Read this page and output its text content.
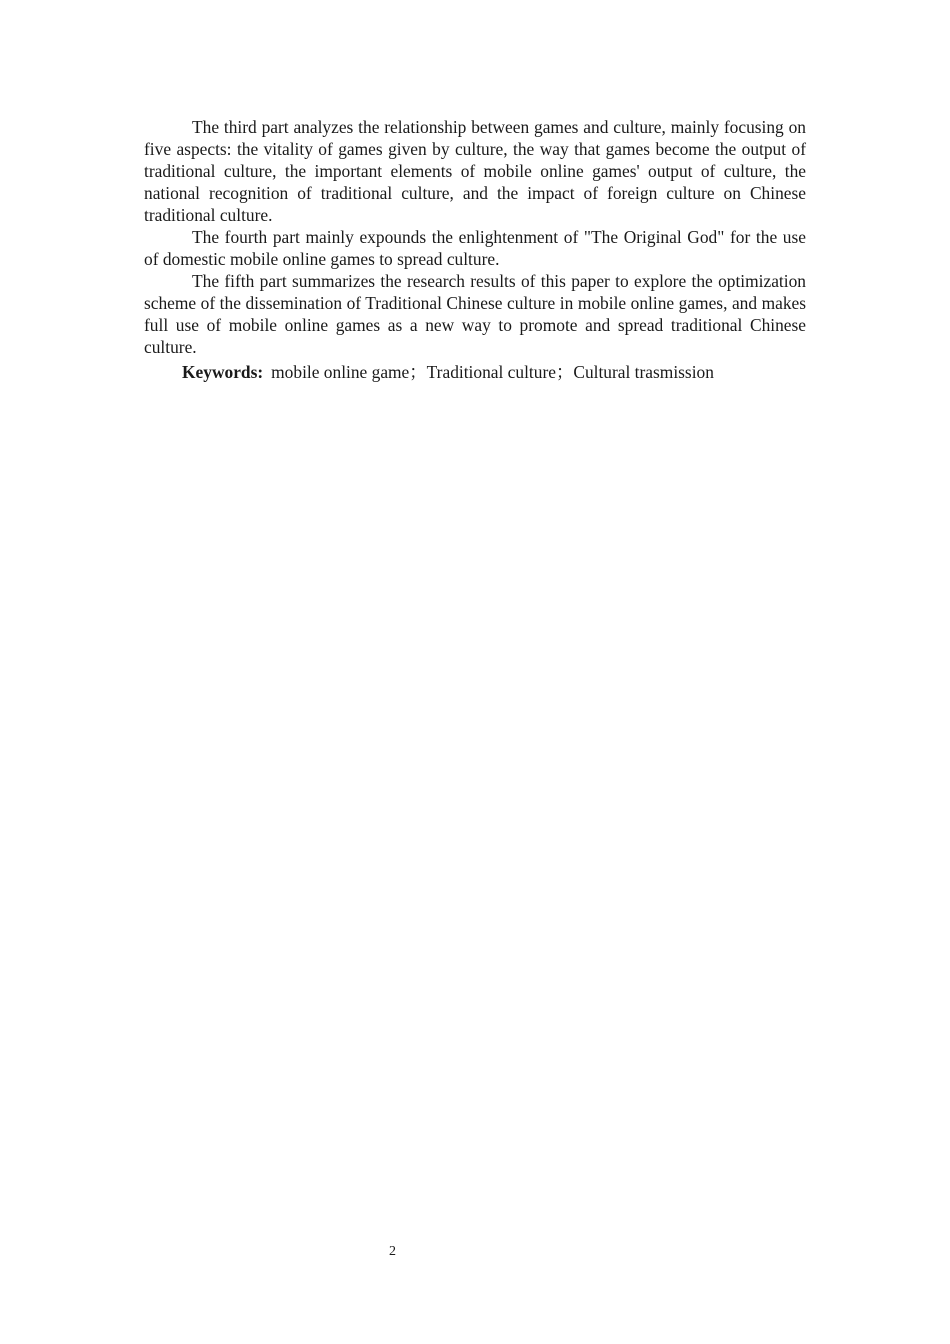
The third part analyzes the relationship between games and culture, mainly focusing on five aspects: the vitality of games given by culture, the way that games become the output of traditional culture, the important elements of mobile online games' output of culture, the national recognition of traditional culture, and the impact of foreign culture on Chinese traditional culture.

The fourth part mainly expounds the enlightenment of "The Original God" for the use of domestic mobile online games to spread culture.

The fifth part summarizes the research results of this paper to explore the optimization scheme of the dissemination of Traditional Chinese culture in mobile online games, and makes full use of mobile online games as a new way to promote and spread traditional Chinese culture.

Keywords: mobile online game；Traditional culture；Cultural trasmission

2
